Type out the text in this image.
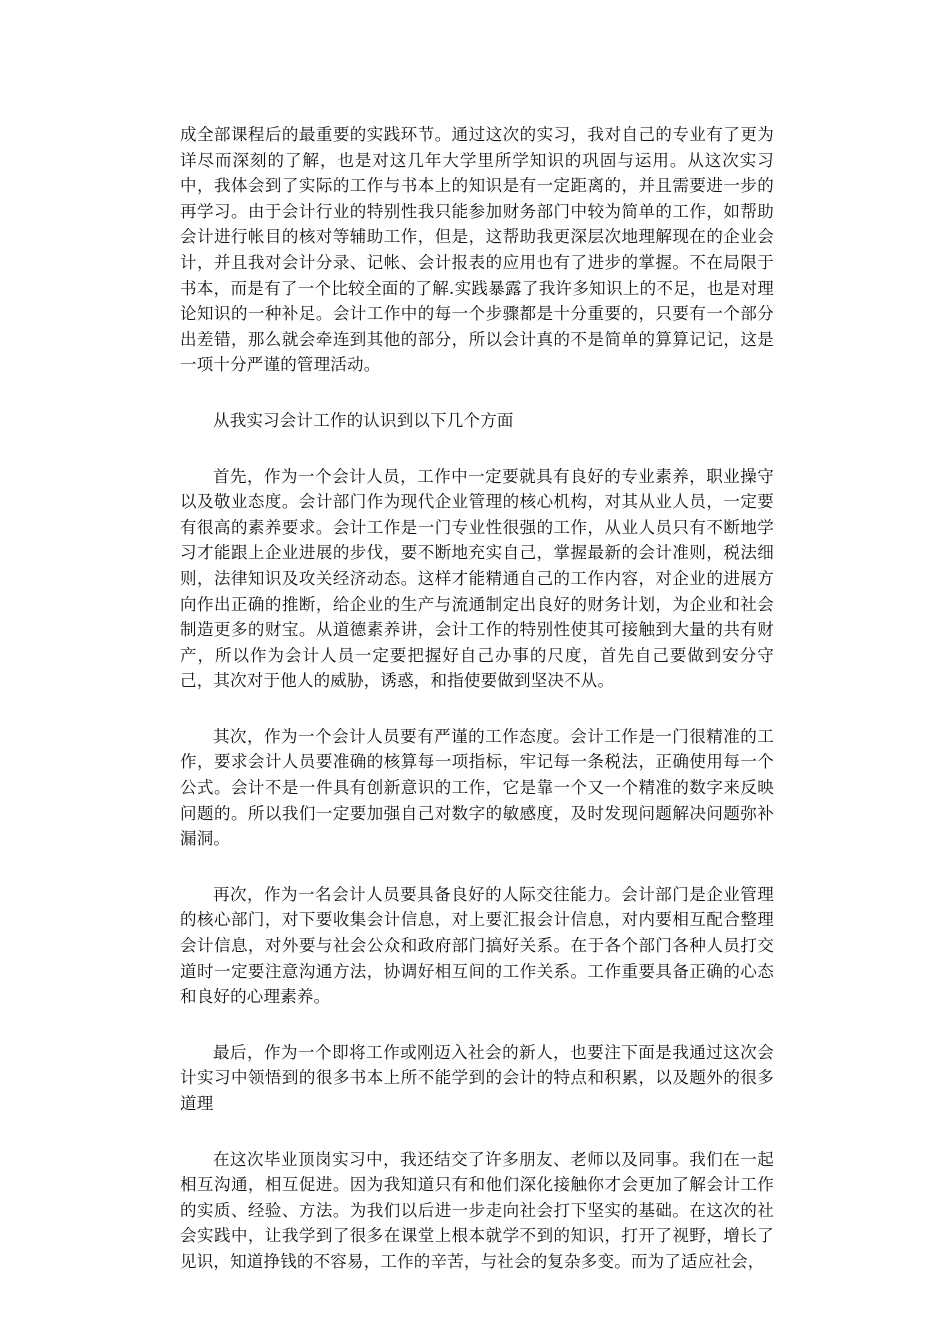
成全部课程后的最重要的实践环节。通过这次的实习，我对自己的专业有了更为详尽而深刻的了解，也是对这几年大学里所学知识的巩固与运用。从这次实习中，我体会到了实际的工作与书本上的知识是有一定距离的，并且需要进一步的再学习。由于会计行业的特别性我只能参加财务部门中较为简单的工作，如帮助会计进行帐目的核对等辅助工作，但是，这帮助我更深层次地理解现在的企业会计，并且我对会计分录、记帐、会计报表的应用也有了进步的掌握。不在局限于书本，而是有了一个比较全面的了解.实践暴露了我许多知识上的不足，也是对理论知识的一种补足。会计工作中的每一个步骤都是十分重要的，只要有一个部分出差错，那么就会牵连到其他的部分，所以会计真的不是简单的算算记记，这是一项十分严谨的管理活动。

从我实习会计工作的认识到以下几个方面

首先，作为一个会计人员，工作中一定要就具有良好的专业素养，职业操守以及敬业态度。会计部门作为现代企业管理的核心机构，对其从业人员，一定要有很高的素养要求。会计工作是一门专业性很强的工作，从业人员只有不断地学习才能跟上企业进展的步伐，要不断地充实自己，掌握最新的会计准则，税法细则，法律知识及攻关经济动态。这样才能精通自己的工作内容，对企业的进展方向作出正确的推断，给企业的生产与流通制定出良好的财务计划，为企业和社会制造更多的财宝。从道德素养讲，会计工作的特别性使其可接触到大量的共有财产，所以作为会计人员一定要把握好自己办事的尺度，首先自己要做到安分守己，其次对于他人的威胁，诱惑，和指使要做到坚决不从。

其次，作为一个会计人员要有严谨的工作态度。会计工作是一门很精准的工作，要求会计人员要准确的核算每一项指标，牢记每一条税法，正确使用每一个公式。会计不是一件具有创新意识的工作，它是靠一个又一个精准的数字来反映问题的。所以我们一定要加强自己对数字的敏感度，及时发现问题解决问题弥补漏洞。

再次，作为一名会计人员要具备良好的人际交往能力。会计部门是企业管理的核心部门，对下要收集会计信息，对上要汇报会计信息，对内要相互配合整理会计信息，对外要与社会公众和政府部门搞好关系。在于各个部门各种人员打交道时一定要注意沟通方法，协调好相互间的工作关系。工作重要具备正确的心态和良好的心理素养。

最后，作为一个即将工作或刚迈入社会的新人，也要注下面是我通过这次会计实习中领悟到的很多书本上所不能学到的会计的特点和积累，以及题外的很多道理

在这次毕业顶岗实习中，我还结交了许多朋友、老师以及同事。我们在一起相互沟通，相互促进。因为我知道只有和他们深化接触你才会更加了解会计工作的实质、经验、方法。为我们以后进一步走向社会打下坚实的基础。在这次的社会实践中，让我学到了很多在课堂上根本就学不到的知识，打开了视野，增长了见识，知道挣钱的不容易，工作的辛苦，与社会的复杂多变。而为了适应社会，
